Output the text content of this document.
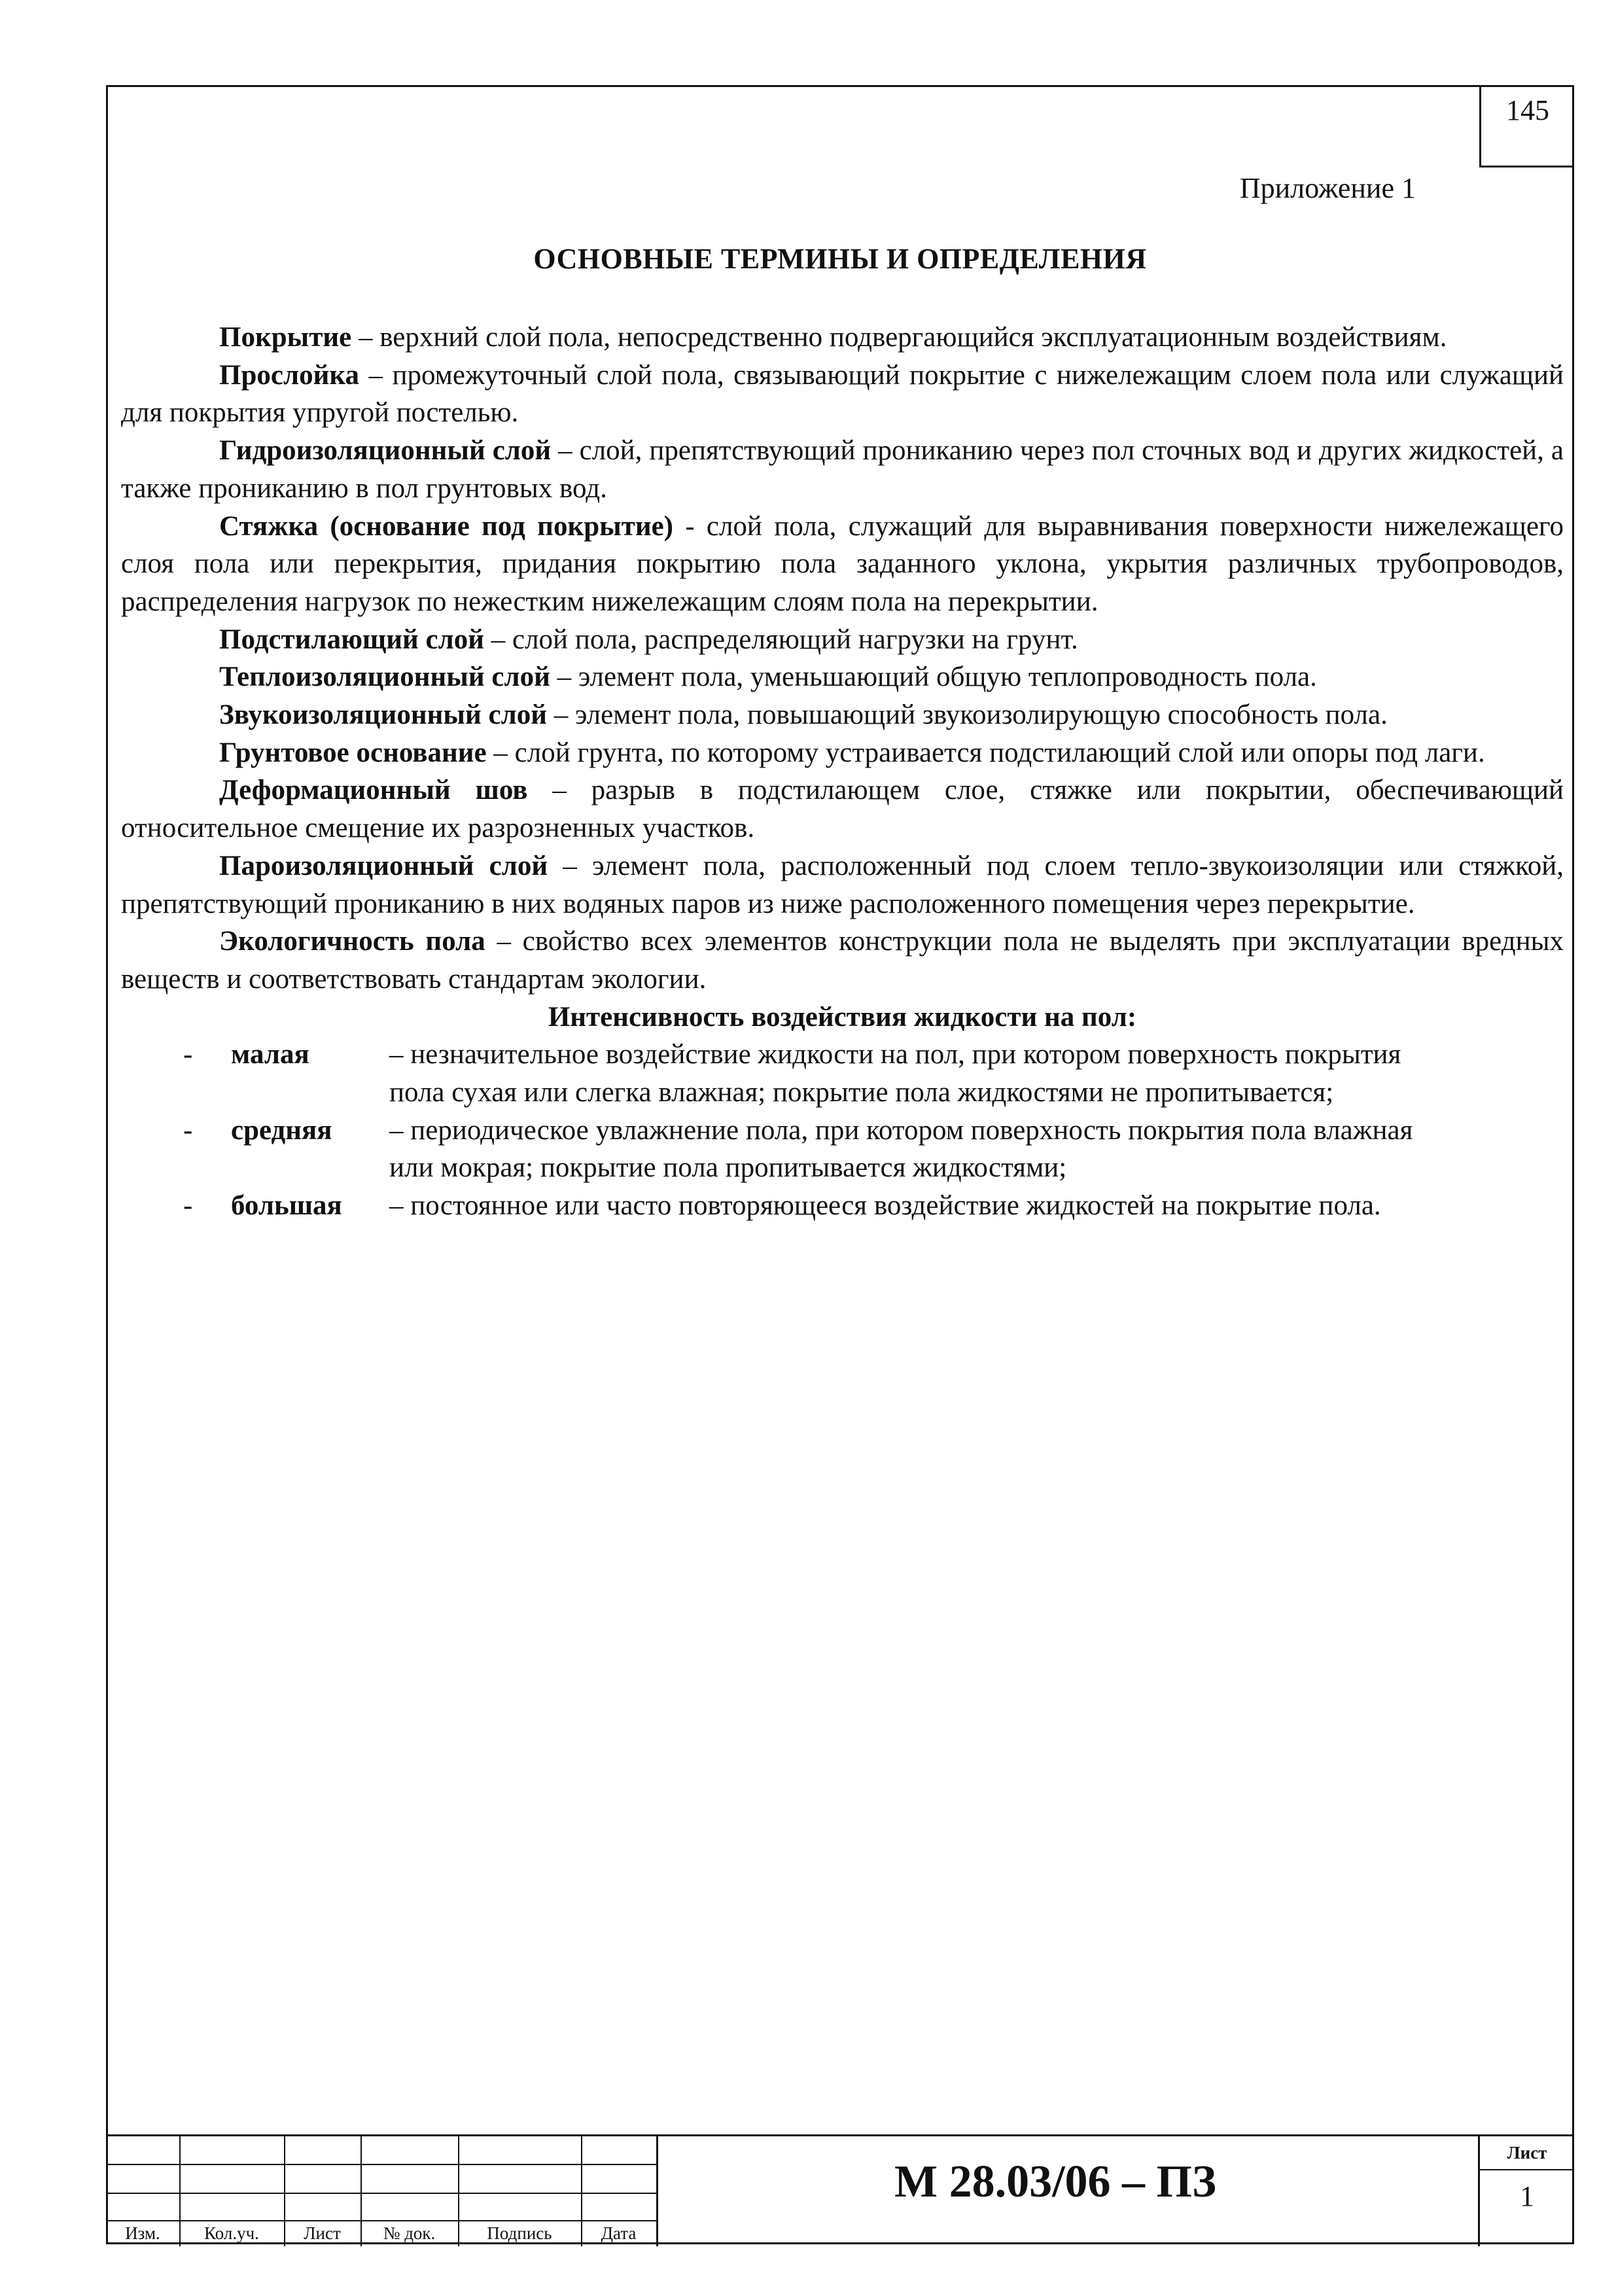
145
Приложение 1
ОСНОВНЫЕ ТЕРМИНЫ И ОПРЕДЕЛЕНИЯ

Покрытие – верхний слой пола, непосредственно подвергающийся эксплуатационным воздействиям.

Прослойка – промежуточный слой пола, связывающий покрытие с нижележащим слоем пола или служащий для покрытия упругой постелью.

Гидроизоляционный слой – слой, препятствующий прониканию через пол сточных вод и других жидкостей, а также прониканию в пол грунтовых вод.

Стяжка (основание под покрытие) - слой пола, служащий для выравнивания поверхности нижележащего слоя пола или перекрытия, придания покрытию пола заданного уклона, укрытия различных трубопроводов, распределения нагрузок по нежестким нижележащим слоям пола на перекрытии.

Подстилающий слой – слой пола, распределяющий нагрузки на грунт.

Теплоизоляционный слой – элемент пола, уменьшающий общую теплопроводность пола.

Звукоизоляционный слой – элемент пола, повышающий звукоизолирующую способность пола.

Грунтовое основание – слой грунта, по которому устраивается подстилающий слой или опоры под лаги.

Деформационный шов – разрыв в подстилающем слое, стяжке или покрытии, обеспечивающий относительное смещение их разрозненных участков.

Пароизоляционный слой – элемент пола, расположенный под слоем тепло-звукоизоляции или стяжкой, препятствующий прониканию в них водяных паров из ниже расположенного помещения через перекрытие.

Экологичность пола – свойство всех элементов конструкции пола не выделять при эксплуатации вредных веществ и соответствовать стандартам экологии.

Интенсивность воздействия жидкости на пол:
- малая	– незначительное воздействие жидкости на пол, при котором поверхность покрытия пола сухая или слегка влажная; покрытие пола жидкостями не пропитывается;
- средняя – периодическое увлажнение пола, при котором поверхность покрытия пола влажная или мокрая; покрытие пола пропитывается жидкостями;
- большая – постоянное или часто повторяющееся воздействие жидкостей на покрытие пола.
Изм.	Кол.уч.	Лист	№ док.	Подпись	Дата
М 28.03/06 – ПЗ
Лист
1
